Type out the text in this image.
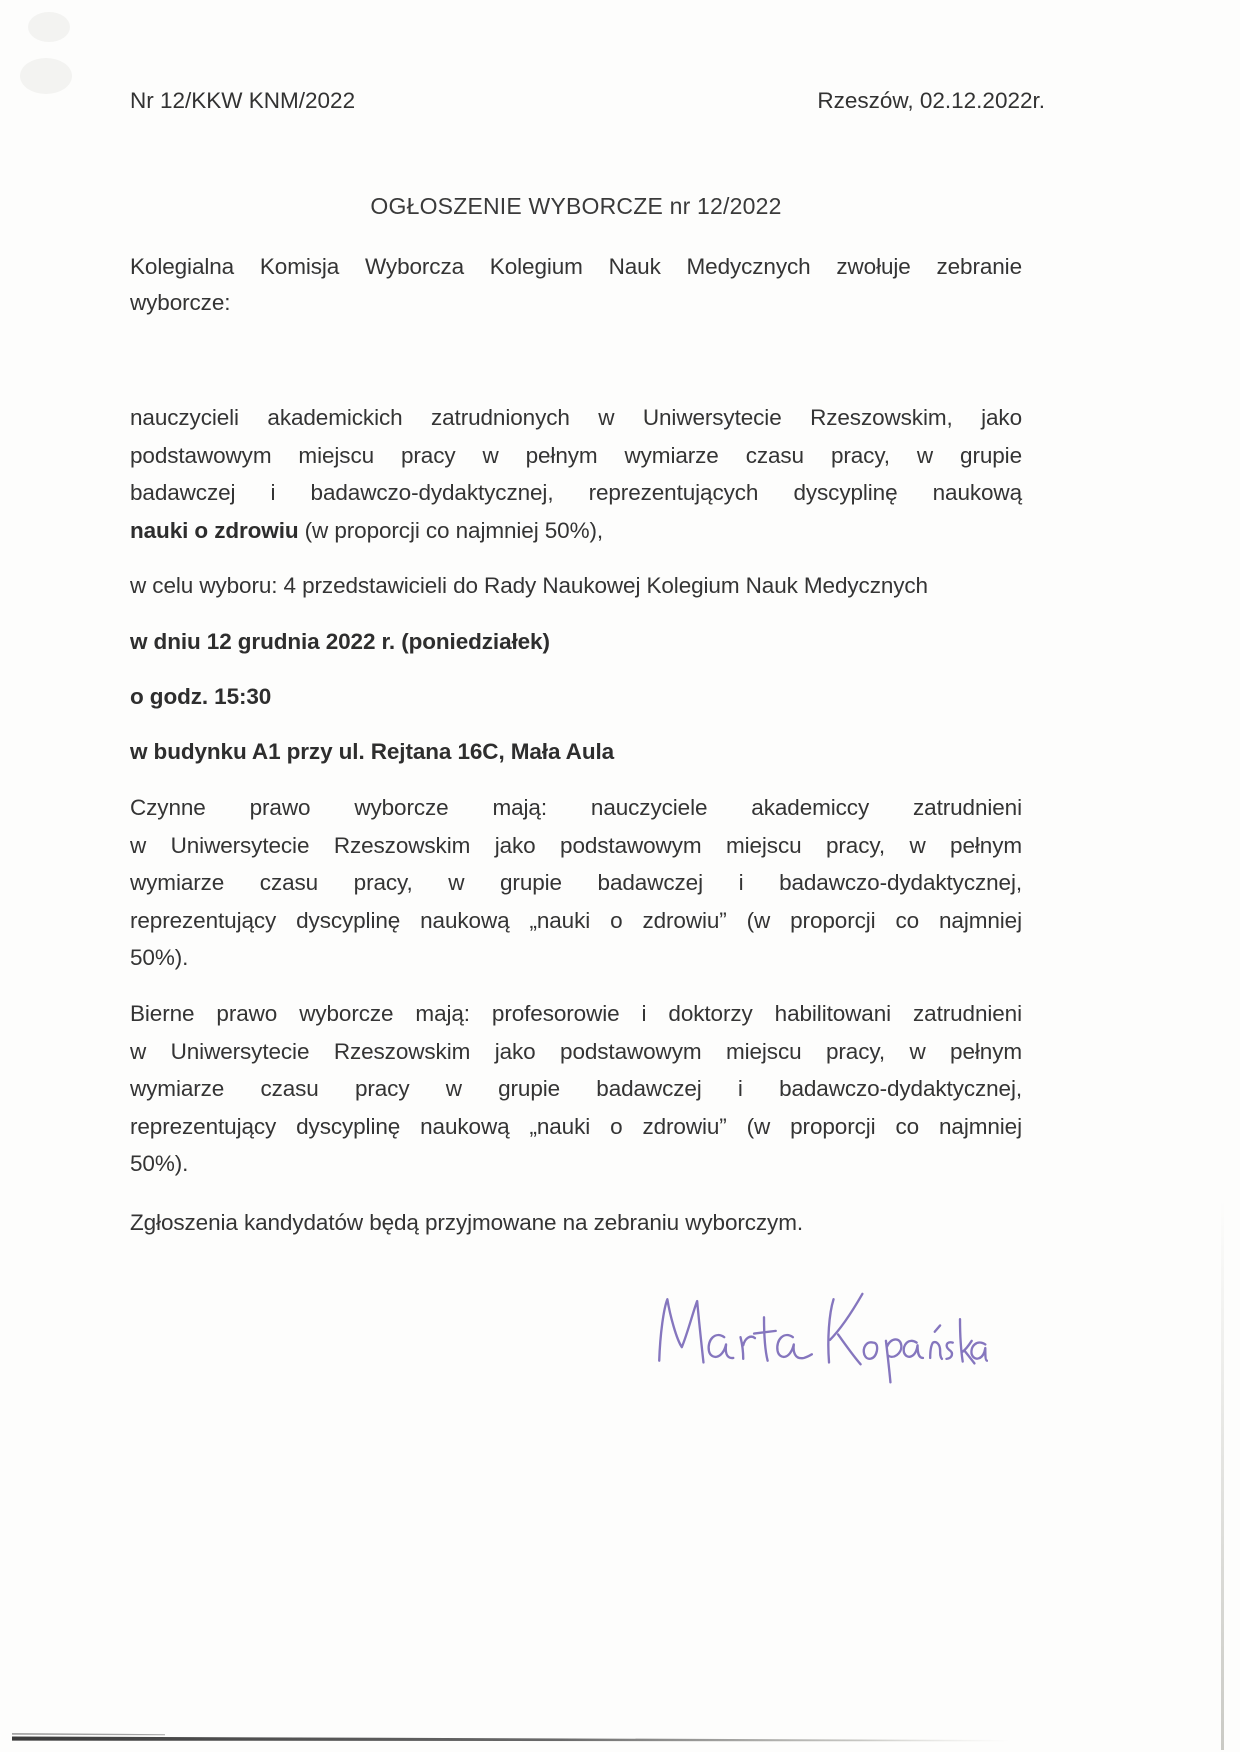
Nr 12/KKW KNM/2022	Rzeszów, 02.12.2022r.
OGŁOSZENIE WYBORCZE nr 12/2022
Kolegialna Komisja Wyborcza Kolegium Nauk Medycznych zwołuje zebranie
wyborcze:
nauczycieli akademickich zatrudnionych w Uniwersytecie Rzeszowskim, jako
podstawowym miejscu pracy w pełnym wymiarze czasu pracy, w grupie
badawczej i badawczo-dydaktycznej, reprezentujących dyscyplinę naukową
nauki o zdrowiu (w proporcji co najmniej 50%),
w celu wyboru: 4 przedstawicieli do Rady Naukowej Kolegium Nauk Medycznych
w dniu 12 grudnia 2022 r. (poniedziałek)
o godz. 15:30
w budynku A1 przy ul. Rejtana 16C, Mała Aula
Czynne prawo wyborcze mają: nauczyciele akademiccy zatrudnieni
w Uniwersytecie Rzeszowskim jako podstawowym miejscu pracy, w pełnym
wymiarze czasu pracy, w grupie badawczej i badawczo-dydaktycznej,
reprezentujący dyscyplinę naukową „nauki o zdrowiu” (w proporcji co najmniej
50%).
Bierne prawo wyborcze mają: profesorowie i doktorzy habilitowani zatrudnieni
w Uniwersytecie Rzeszowskim jako podstawowym miejscu pracy, w pełnym
wymiarze czasu pracy w grupie badawczej i badawczo-dydaktycznej,
reprezentujący dyscyplinę naukową „nauki o zdrowiu” (w proporcji co najmniej
50%).
Zgłoszenia kandydatów będą przyjmowane na zebraniu wyborczym.
